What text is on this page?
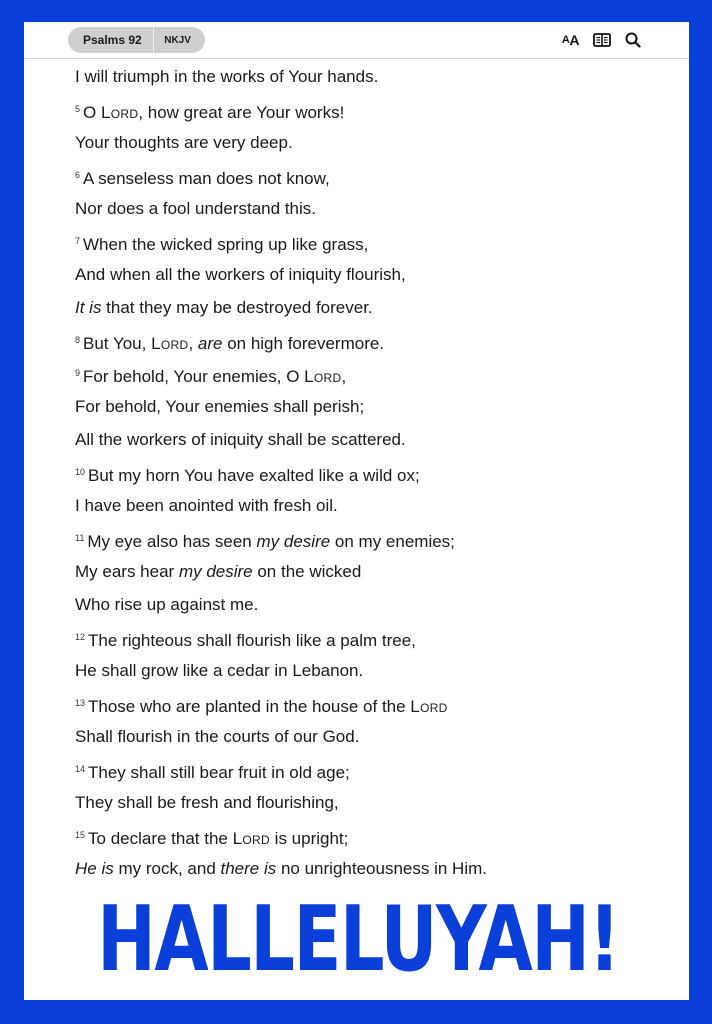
Psalms 92	NKJV	A A
I will triumph in the works of Your hands.
$^5$ O LORD, how great are Your works!
Your thoughts are very deep.
$^6$ A senseless man does not know,
Nor does a fool understand this.
$^7$ When the wicked spring up like grass,
And when all the workers of iniquity flourish,
It is that they may be destroyed forever.
$^8$ But You, LORD, are on high forevermore.
$^9$ For behold, Your enemies, O LORD,
For behold, Your enemies shall perish;
All the workers of iniquity shall be scattered.
$^{10}$ But my horn You have exalted like a wild ox;
I have been anointed with fresh oil.
$^{11}$ My eye also has seen my desire on my enemies;
My ears hear my desire on the wicked
Who rise up against me.
$^{12}$ The righteous shall flourish like a palm tree,
He shall grow like a cedar in Lebanon.
$^{13}$ Those who are planted in the house of the LORD
Shall flourish in the courts of our God.
$^{14}$ They shall still bear fruit in old age;
They shall be fresh and flourishing,
$^{15}$ To declare that the LORD is upright;
He is my rock, and there is no unrighteousness in Him.
HALLELUYAH!
